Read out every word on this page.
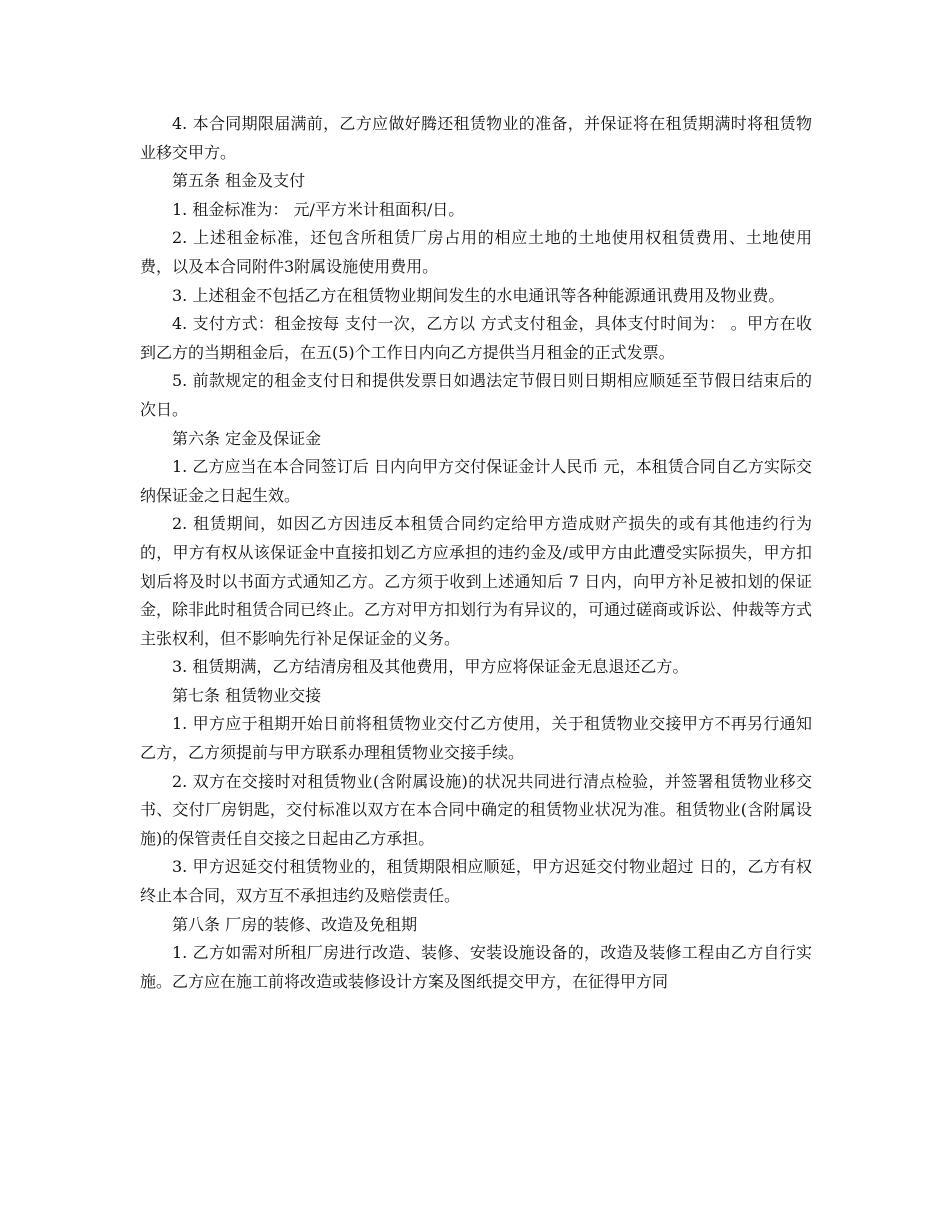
4. 本合同期限届满前，乙方应做好腾还租赁物业的准备，并保证将在租赁期满时将租赁物业移交甲方。

第五条 租金及支付

1. 租金标准为： 元/平方米计租面积/日。

2. 上述租金标准，还包含所租赁厂房占用的相应土地的土地使用权租赁费用、土地使用费，以及本合同附件3附属设施使用费用。

3. 上述租金不包括乙方在租赁物业期间发生的水电通讯等各种能源通讯费用及物业费。

4. 支付方式：租金按每 支付一次，乙方以 方式支付租金，具体支付时间为： 。甲方在收到乙方的当期租金后，在五(5)个工作日内向乙方提供当月租金的正式发票。

5. 前款规定的租金支付日和提供发票日如遇法定节假日则日期相应顺延至节假日结束后的次日。

第六条 定金及保证金

1. 乙方应当在本合同签订后 日内向甲方交付保证金计人民币 元，本租赁合同自乙方实际交纳保证金之日起生效。

2. 租赁期间，如因乙方因违反本租赁合同约定给甲方造成财产损失的或有其他违约行为的，甲方有权从该保证金中直接扣划乙方应承担的违约金及/或甲方由此遭受实际损失，甲方扣划后将及时以书面方式通知乙方。乙方须于收到上述通知后 7 日内，向甲方补足被扣划的保证金，除非此时租赁合同已终止。乙方对甲方扣划行为有异议的，可通过磋商或诉讼、仲裁等方式主张权利，但不影响先行补足保证金的义务。

3. 租赁期满，乙方结清房租及其他费用，甲方应将保证金无息退还乙方。

第七条 租赁物业交接

1. 甲方应于租期开始日前将租赁物业交付乙方使用，关于租赁物业交接甲方不再另行通知乙方，乙方须提前与甲方联系办理租赁物业交接手续。

2. 双方在交接时对租赁物业(含附属设施)的状况共同进行清点检验，并签署租赁物业移交书、交付厂房钥匙，交付标准以双方在本合同中确定的租赁物业状况为准。租赁物业(含附属设施)的保管责任自交接之日起由乙方承担。

3. 甲方迟延交付租赁物业的，租赁期限相应顺延，甲方迟延交付物业超过 日的，乙方有权终止本合同，双方互不承担违约及赔偿责任。

第八条 厂房的装修、改造及免租期

1. 乙方如需对所租厂房进行改造、装修、安装设施设备的，改造及装修工程由乙方自行实施。乙方应在施工前将改造或装修设计方案及图纸提交甲方，在征得甲方同
